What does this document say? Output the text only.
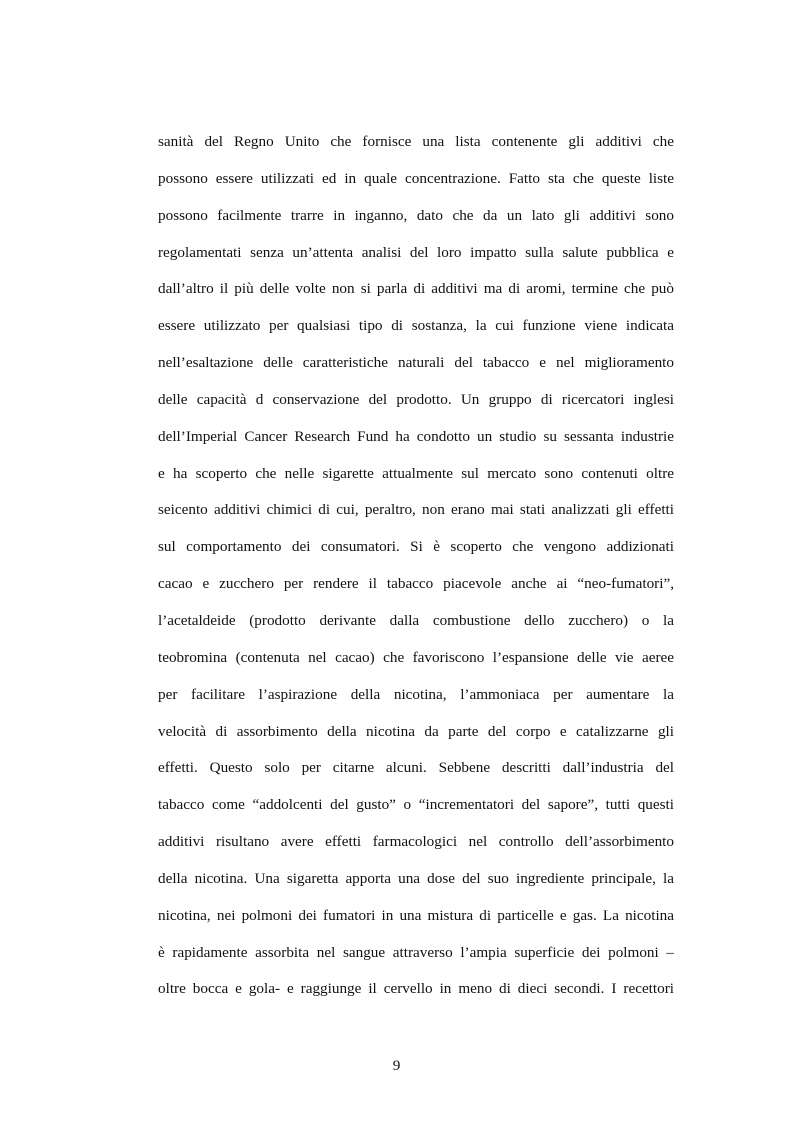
sanità del Regno Unito che fornisce una lista contenente gli additivi che
possono essere utilizzati ed in quale concentrazione. Fatto sta che queste liste
possono facilmente trarre in inganno, dato che da un lato gli additivi sono
regolamentati senza un’attenta analisi del loro impatto sulla salute pubblica e
dall’altro il più delle volte non si parla di additivi ma di aromi, termine che può
essere utilizzato per qualsiasi tipo di sostanza, la cui funzione viene indicata
nell’esaltazione delle caratteristiche naturali del tabacco e nel miglioramento
delle capacità d conservazione del prodotto. Un gruppo di ricercatori inglesi
dell’Imperial Cancer Research Fund ha condotto un studio su sessanta industrie
e ha scoperto che nelle sigarette attualmente sul mercato sono contenuti oltre
seicento additivi chimici di cui, peraltro, non erano mai stati analizzati gli effetti
sul comportamento dei consumatori. Si è scoperto che vengono addizionati
cacao e zucchero per rendere il tabacco piacevole anche ai “neo-fumatori”,
l’acetaldeide (prodotto derivante dalla combustione dello zucchero) o la
teobromina (contenuta nel cacao) che favoriscono l’espansione delle vie aeree
per facilitare l’aspirazione della nicotina, l’ammoniaca per aumentare la
velocità di assorbimento della nicotina da parte del corpo e catalizzarne gli
effetti. Questo solo per citarne alcuni. Sebbene descritti dall’industria del
tabacco come “addolcenti del gusto” o “incrementatori del sapore”, tutti questi
additivi risultano avere effetti farmacologici nel controllo dell’assorbimento
della nicotina. Una sigaretta apporta una dose del suo ingrediente principale, la
nicotina, nei polmoni dei fumatori in una mistura di particelle e gas. La nicotina
è rapidamente assorbita nel sangue attraverso l’ampia superficie dei polmoni –
oltre bocca e gola- e raggiunge il cervello in meno di dieci secondi. I recettori
9
